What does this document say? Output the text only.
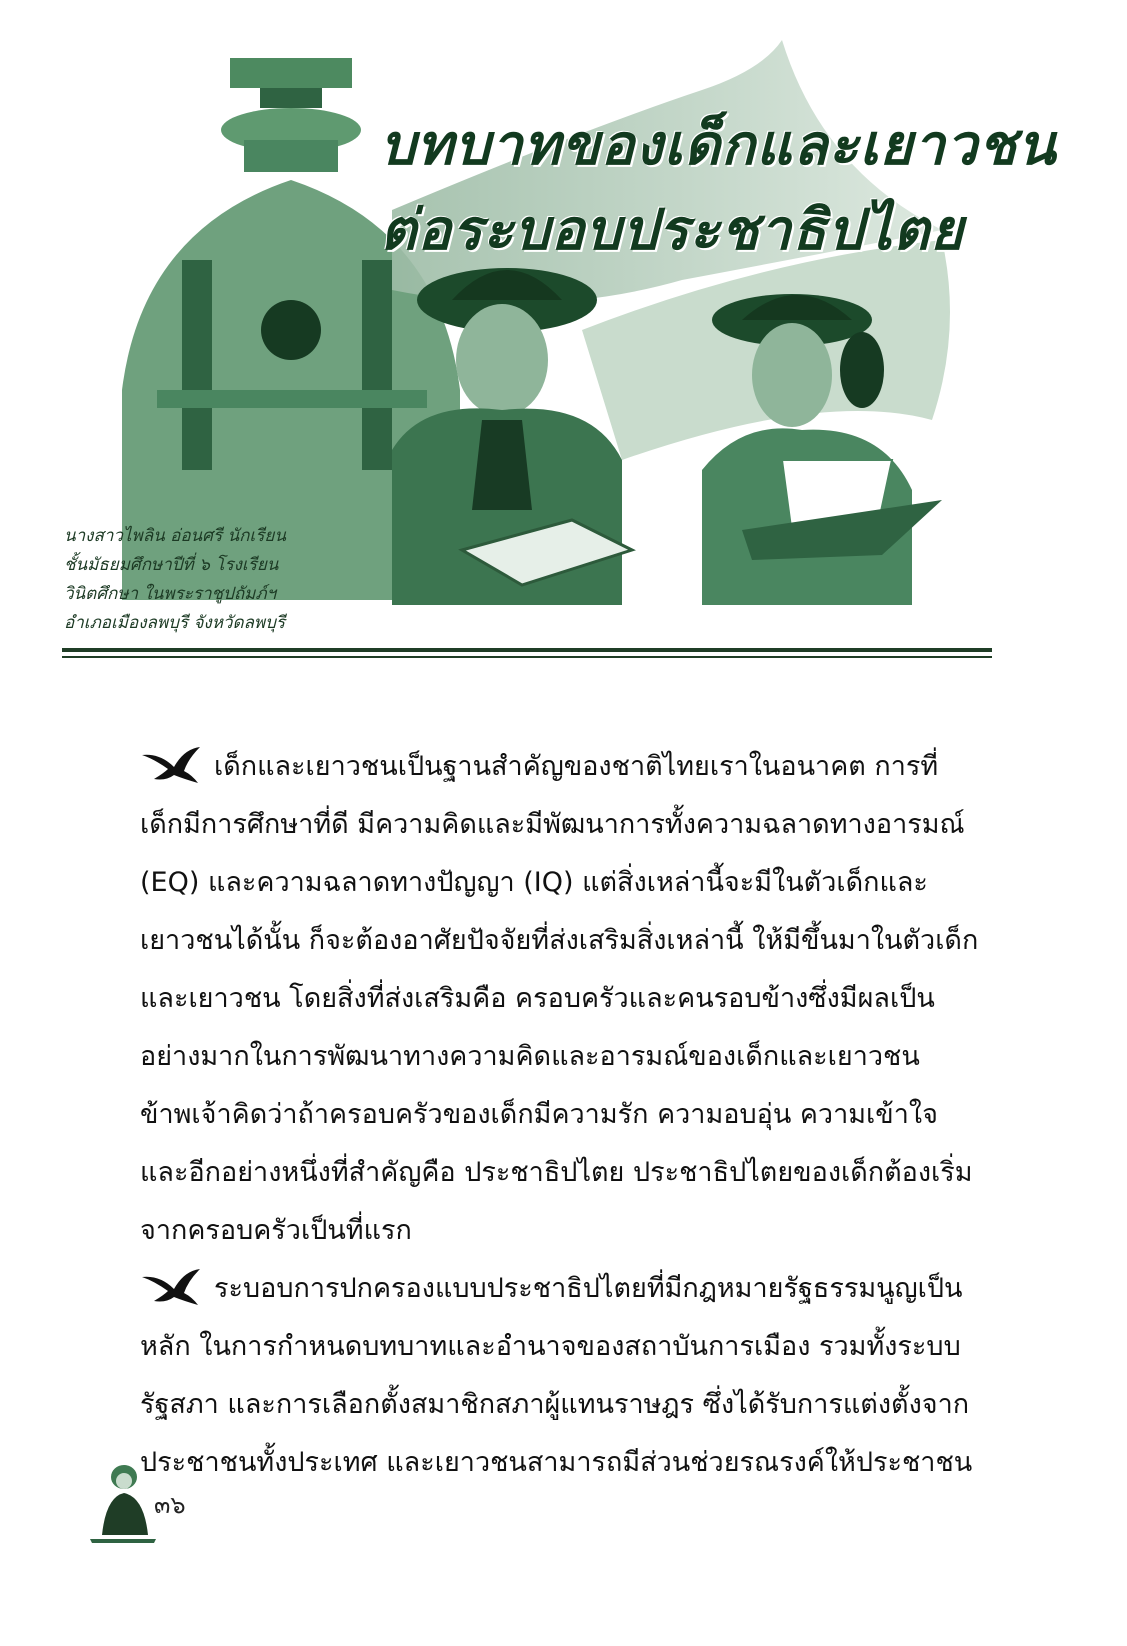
บทบาทของเด็กและเยาวชน
ต่อระบอบประชาธิปไตย
นางสาวไพลิน อ่อนศรี นักเรียน
ชั้นมัธยมศึกษาปีที่ ๖ โรงเรียน
วินิตศึกษา ในพระราชูปถัมภ์ฯ
อำเภอเมืองลพบุรี จังหวัดลพบุรี
เด็กและเยาวชนเป็นฐานสำคัญของชาติไทยเราในอนาคต การที่
เด็กมีการศึกษาที่ดี มีความคิดและมีพัฒนาการทั้งความฉลาดทางอารมณ์
(EQ) และความฉลาดทางปัญญา (IQ) แต่สิ่งเหล่านี้จะมีในตัวเด็กและ
เยาวชนได้นั้น ก็จะต้องอาศัยปัจจัยที่ส่งเสริมสิ่งเหล่านี้ ให้มีขึ้นมาในตัวเด็ก
และเยาวชน โดยสิ่งที่ส่งเสริมคือ ครอบครัวและคนรอบข้างซึ่งมีผลเป็น
อย่างมากในการพัฒนาทางความคิดและอารมณ์ของเด็กและเยาวชน
ข้าพเจ้าคิดว่าถ้าครอบครัวของเด็กมีความรัก ความอบอุ่น ความเข้าใจ
และอีกอย่างหนึ่งที่สำคัญคือ ประชาธิปไตย ประชาธิปไตยของเด็กต้องเริ่ม
จากครอบครัวเป็นที่แรก
ระบอบการปกครองแบบประชาธิปไตยที่มีกฎหมายรัฐธรรมนูญเป็น
หลัก ในการกำหนดบทบาทและอำนาจของสถาบันการเมือง รวมทั้งระบบ
รัฐสภา และการเลือกตั้งสมาชิกสภาผู้แทนราษฎร ซึ่งได้รับการแต่งตั้งจาก
ประชาชนทั้งประเทศ และเยาวชนสามารถมีส่วนช่วยรณรงค์ให้ประชาชน
๓๖
